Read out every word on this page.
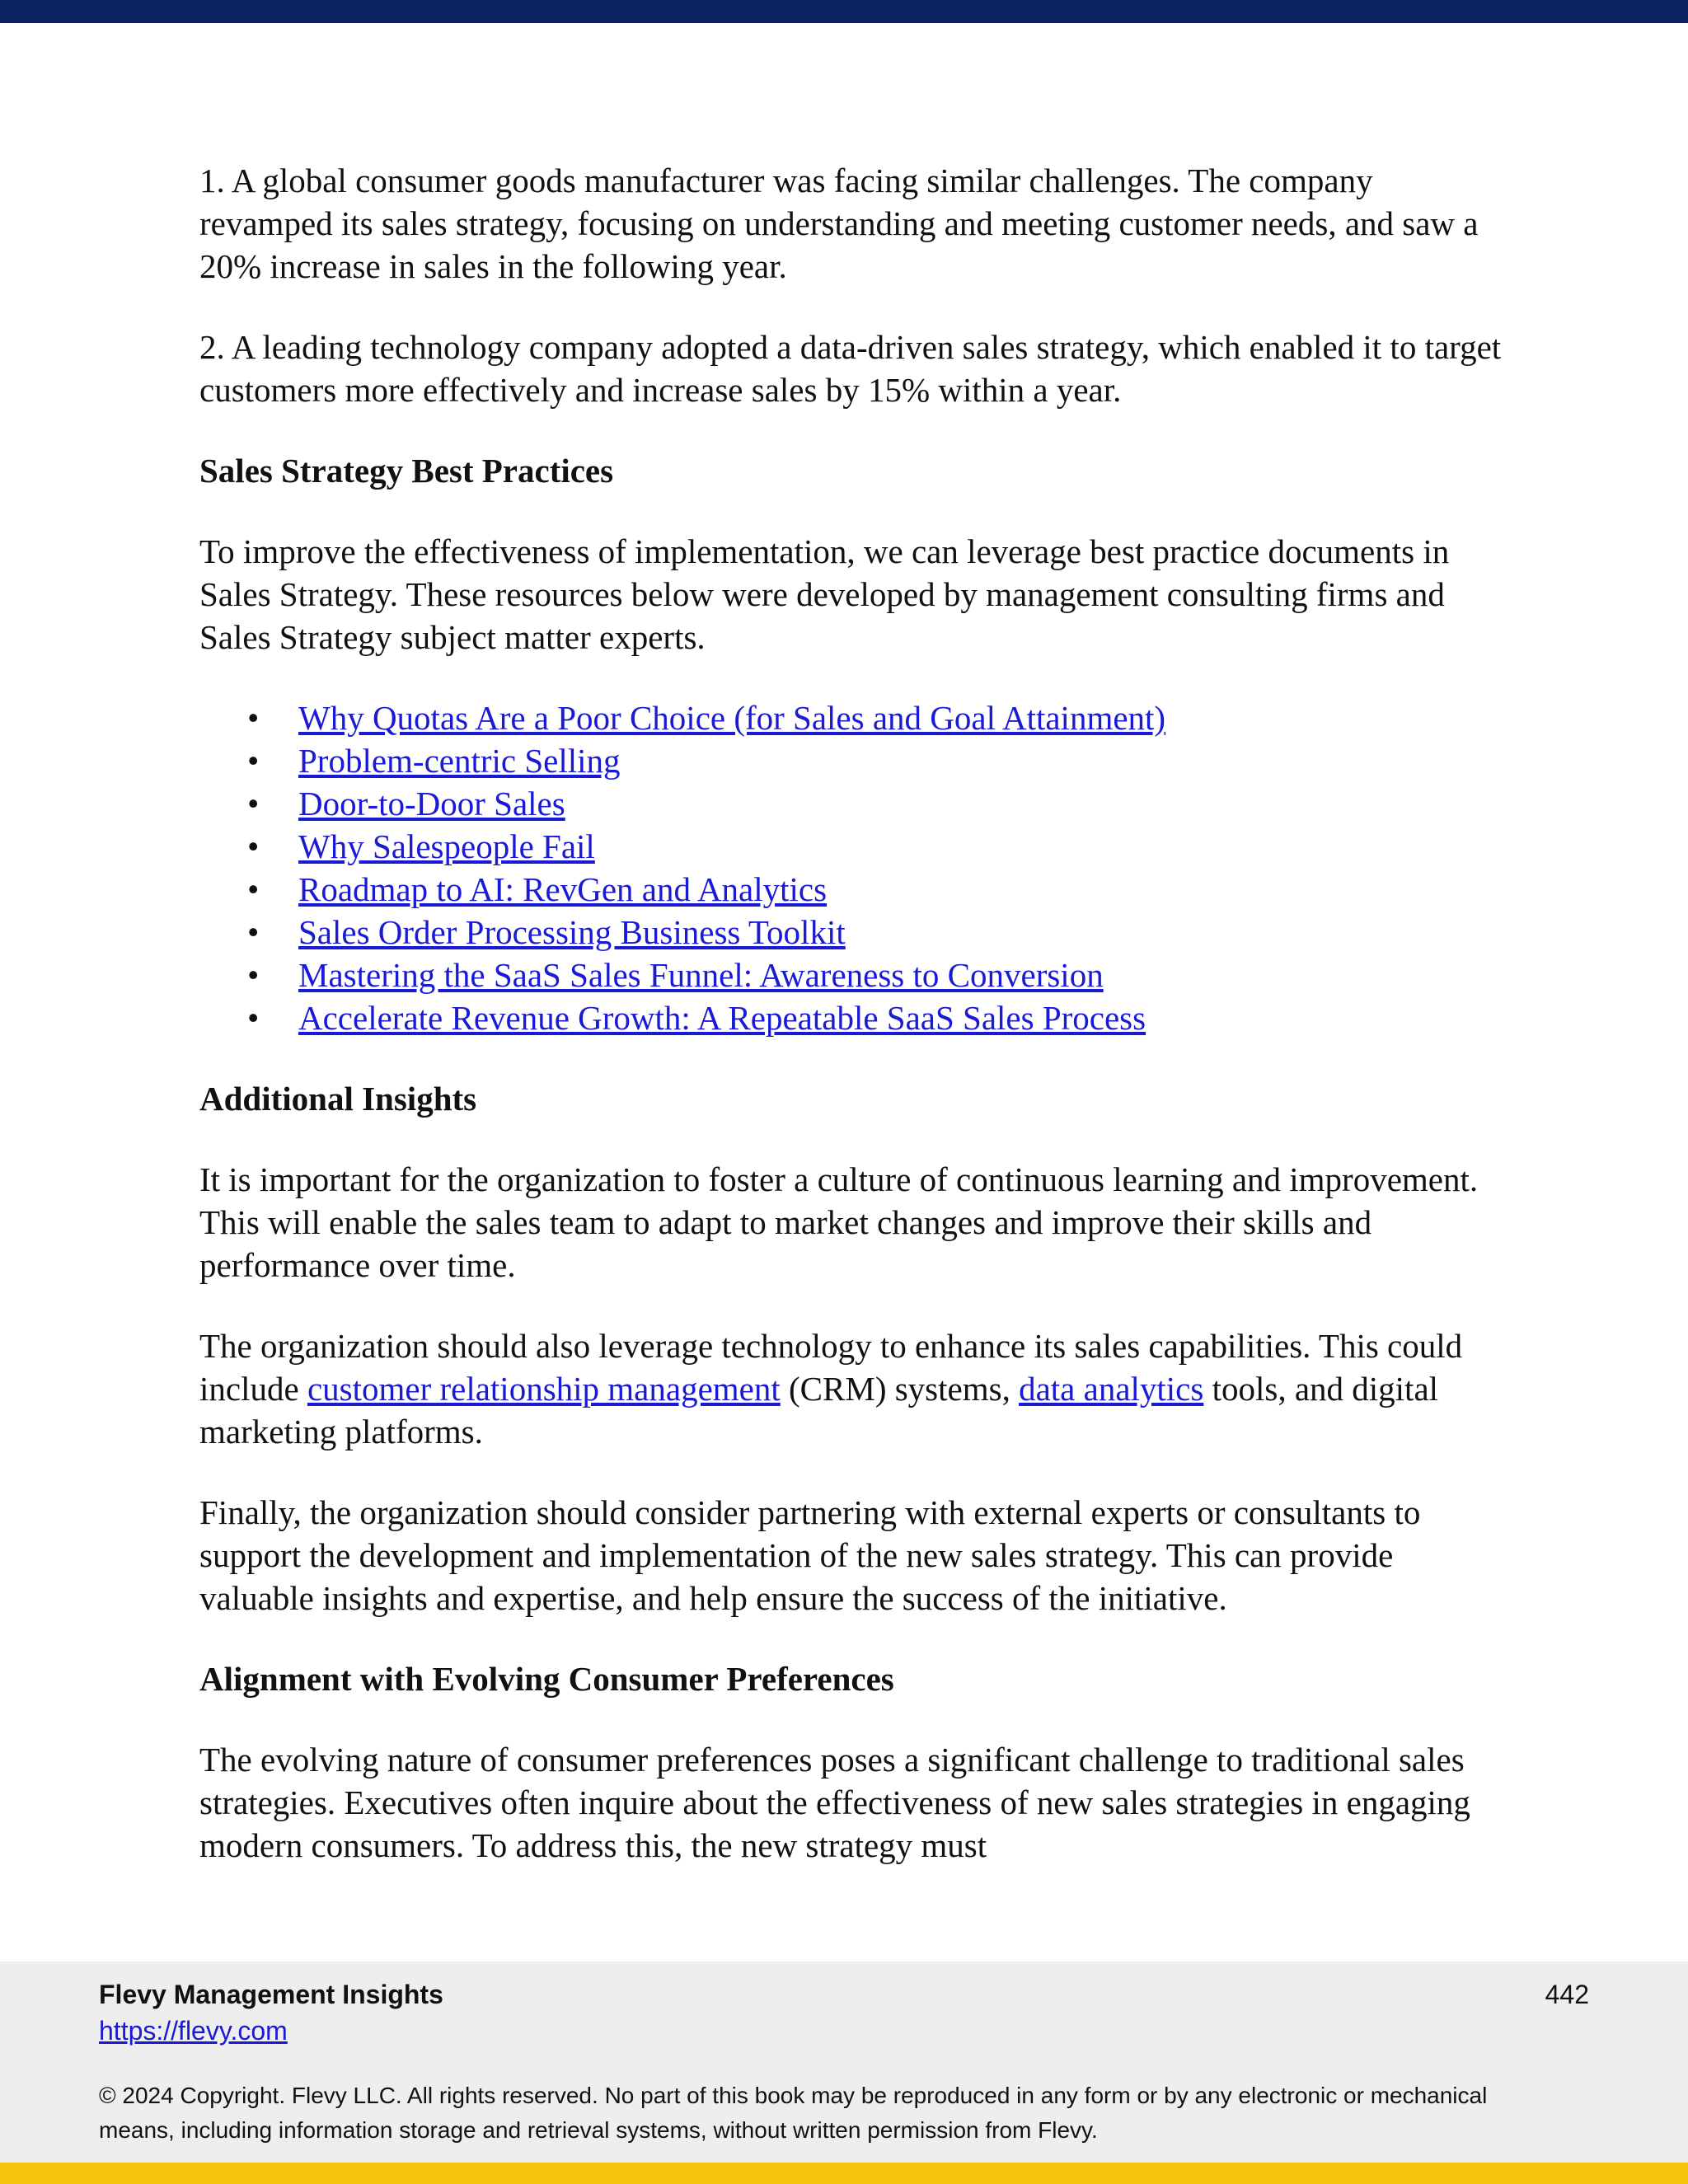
1. A global consumer goods manufacturer was facing similar challenges. The company revamped its sales strategy, focusing on understanding and meeting customer needs, and saw a 20% increase in sales in the following year.

2. A leading technology company adopted a data-driven sales strategy, which enabled it to target customers more effectively and increase sales by 15% within a year.

Sales Strategy Best Practices

To improve the effectiveness of implementation, we can leverage best practice documents in Sales Strategy. These resources below were developed by management consulting firms and Sales Strategy subject matter experts.

• Why Quotas Are a Poor Choice (for Sales and Goal Attainment)
• Problem-centric Selling
• Door-to-Door Sales
• Why Salespeople Fail
• Roadmap to AI: RevGen and Analytics
• Sales Order Processing Business Toolkit
• Mastering the SaaS Sales Funnel: Awareness to Conversion
• Accelerate Revenue Growth: A Repeatable SaaS Sales Process
Additional Insights

It is important for the organization to foster a culture of continuous learning and improvement. This will enable the sales team to adapt to market changes and improve their skills and performance over time.

The organization should also leverage technology to enhance its sales capabilities. This could include customer relationship management (CRM) systems, data analytics tools, and digital marketing platforms.

Finally, the organization should consider partnering with external experts or consultants to support the development and implementation of the new sales strategy. This can provide valuable insights and expertise, and help ensure the success of the initiative.

Alignment with Evolving Consumer Preferences

The evolving nature of consumer preferences poses a significant challenge to traditional sales strategies. Executives often inquire about the effectiveness of new sales strategies in engaging modern consumers. To address this, the new strategy must

Flevy Management Insights
https://flevy.com
442
© 2024 Copyright. Flevy LLC. All rights reserved. No part of this book may be reproduced in any form or by any electronic or mechanical means, including information storage and retrieval systems, without written permission from Flevy.
